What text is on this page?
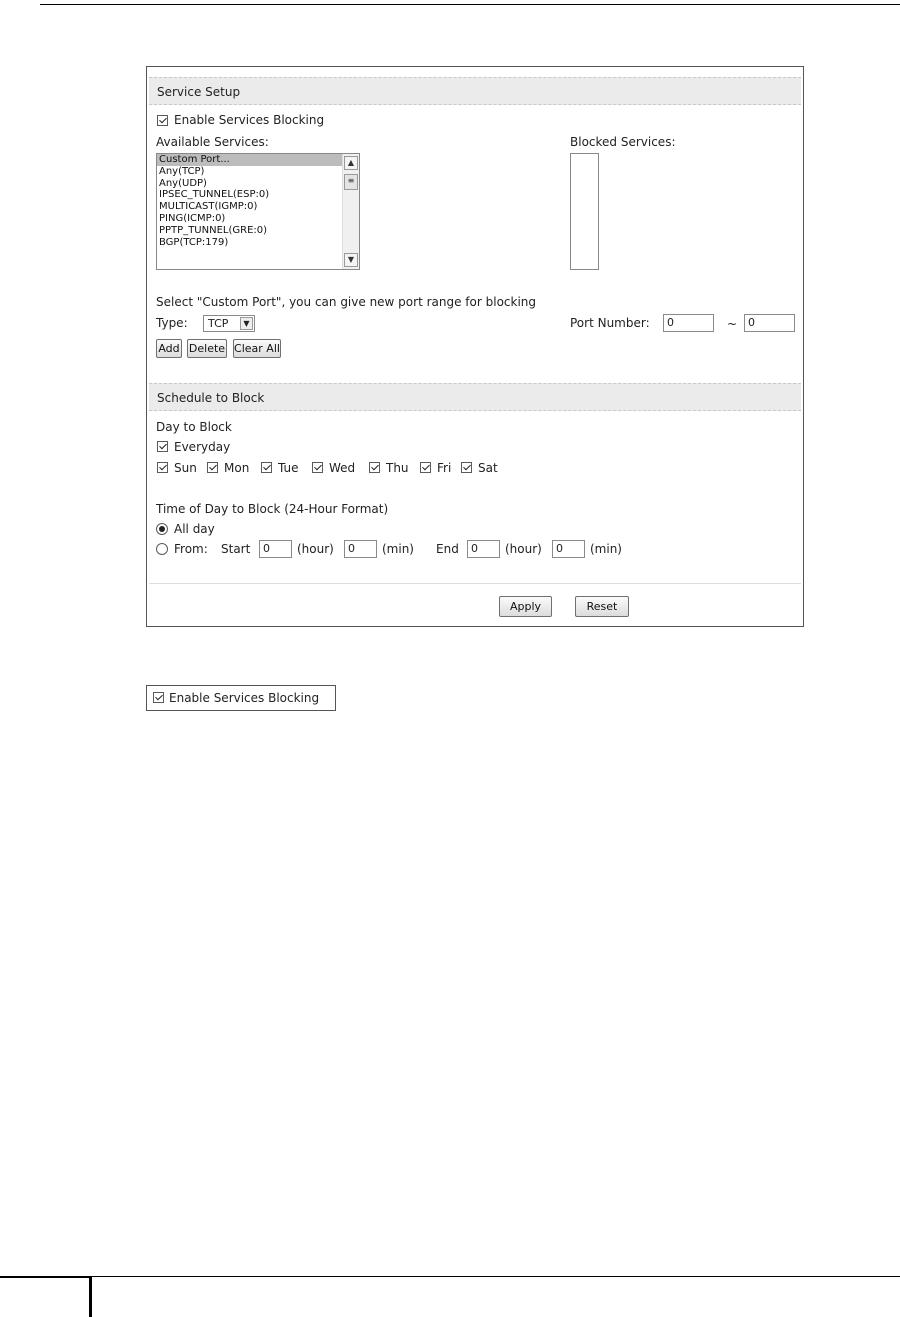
Service Setup
Enable Services Blocking
Available Services:	Blocked Services:
Custom Port...
Any(TCP)
Any(UDP)
IPSEC_TUNNEL(ESP:0)
MULTICAST(IGMP:0)
PING(ICMP:0)
PPTP_TUNNEL(GRE:0)
BGP(TCP:179)
▲
≡
▼
Select "Custom Port", you can give new port range for blocking
Type:	TCP	▼	Port Number:	0	~ 0
Add Delete Clear All
Schedule to Block
Day to Block
Everyday
Sun Mon Tue	Wed	Thu Fri Sat
Time of Day to Block (24-Hour Format)
All day
From: Start	0	(hour)	0	(min) End	0	(hour)	0	(min)
Apply	Reset
Enable Services Blocking
